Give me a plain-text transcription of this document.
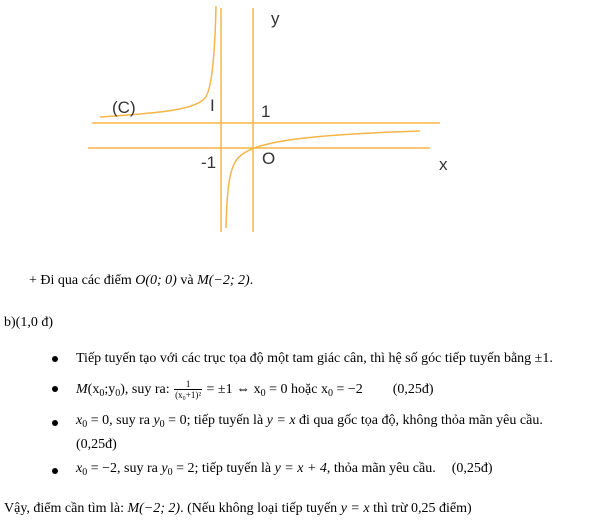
(C)	I	1
-1	O	x
y
+ Đi qua các điểm O(0; 0) và M(−2; 2).
b)(1,0 đ)
Tiếp tuyến tạo với các trục tọa độ một tam giác cân, thì hệ số góc tiếp tuyến bằng ±1.
$M(x_0;y_0)$, suy ra: $\frac{1}{\text{(x₀+1)²}} = \pm 1$ ⇔ $x_0 = 0$ hoặc $x_0 = -2$ (0,25đ)
$x_0 = 0$, suy ra $y_0 = 0$; tiếp tuyến là y = x đi qua gốc tọa độ, không thỏa mãn yêu cầu.
(0,25đ)
$x_0 = -2$, suy ra $y_0 = 2$; tiếp tuyến là y = x + 4, thỏa mãn yêu cầu. (0,25đ)
Vậy, điểm cần tìm là: M(−2; 2). (Nếu không loại tiếp tuyến y = x thì trừ 0,25 điểm)
